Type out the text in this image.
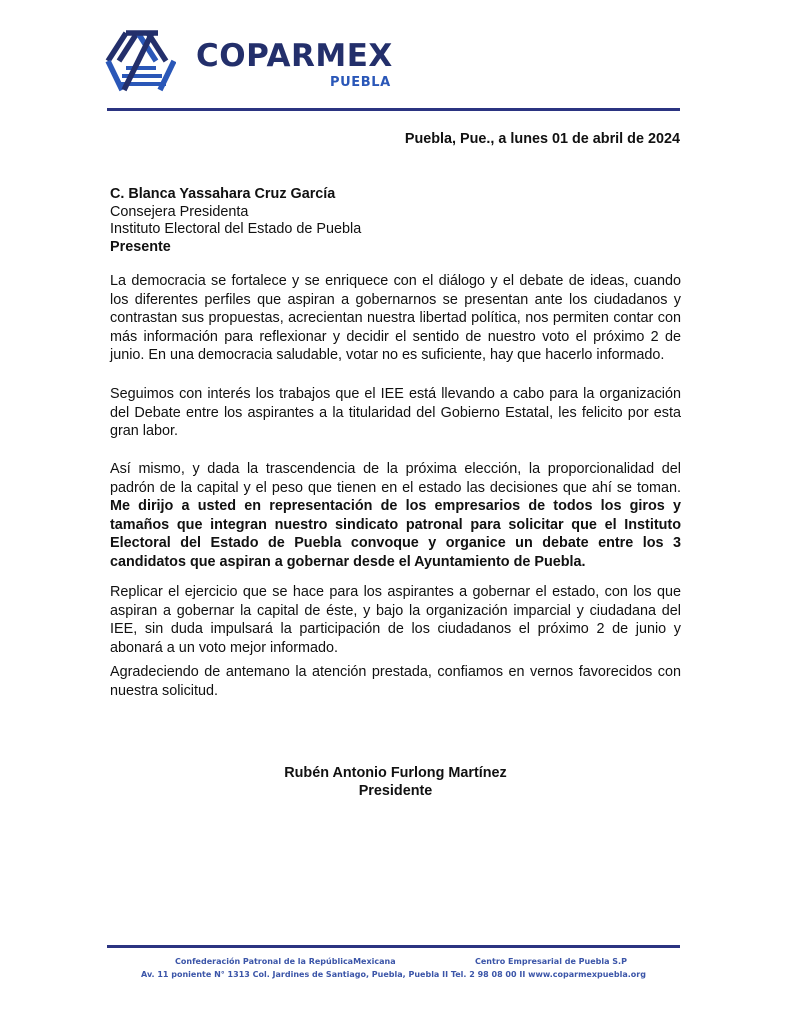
COPARMEX
PUEBLA
Puebla, Pue., a lunes 01 de abril de 2024
C. Blanca Yassahara Cruz García
Consejera Presidenta
Instituto Electoral del Estado de Puebla
Presente

La democracia se fortalece y se enriquece con el diálogo y el debate de ideas, cuando los diferentes perfiles que aspiran a gobernarnos se presentan ante los ciudadanos y contrastan sus propuestas, acrecientan nuestra libertad política, nos permiten contar con más información para reflexionar y decidir el sentido de nuestro voto el próximo 2 de junio. En una democracia saludable, votar no es suficiente, hay que hacerlo informado.

Seguimos con interés los trabajos que el IEE está llevando a cabo para la organización del Debate entre los aspirantes a la titularidad del Gobierno Estatal, les felicito por esta gran labor.

Así mismo, y dada la trascendencia de la próxima elección, la proporcionalidad del padrón de la capital y el peso que tienen en el estado las decisiones que ahí se toman. Me dirijo a usted en representación de los empresarios de todos los giros y tamaños que integran nuestro sindicato patronal para solicitar que el Instituto Electoral del Estado de Puebla convoque y organice un debate entre los 3 candidatos que aspiran a gobernar desde el Ayuntamiento de Puebla.

Replicar el ejercicio que se hace para los aspirantes a gobernar el estado, con los que aspiran a gobernar la capital de éste, y bajo la organización imparcial y ciudadana del IEE, sin duda impulsará la participación de los ciudadanos el próximo 2 de junio y abonará a un voto mejor informado.

Agradeciendo de antemano la atención prestada, confiamos en vernos favorecidos con nuestra solicitud.

Rubén Antonio Furlong Martínez
Presidente
Confederación Patronal de la RepúblicaMexicana	Centro Empresarial de Puebla S.P
Av. 11 poniente N° 1313 Col. Jardines de Santiago, Puebla, Puebla II Tel. 2 98 08 00 II www.coparmexpuebla.org
